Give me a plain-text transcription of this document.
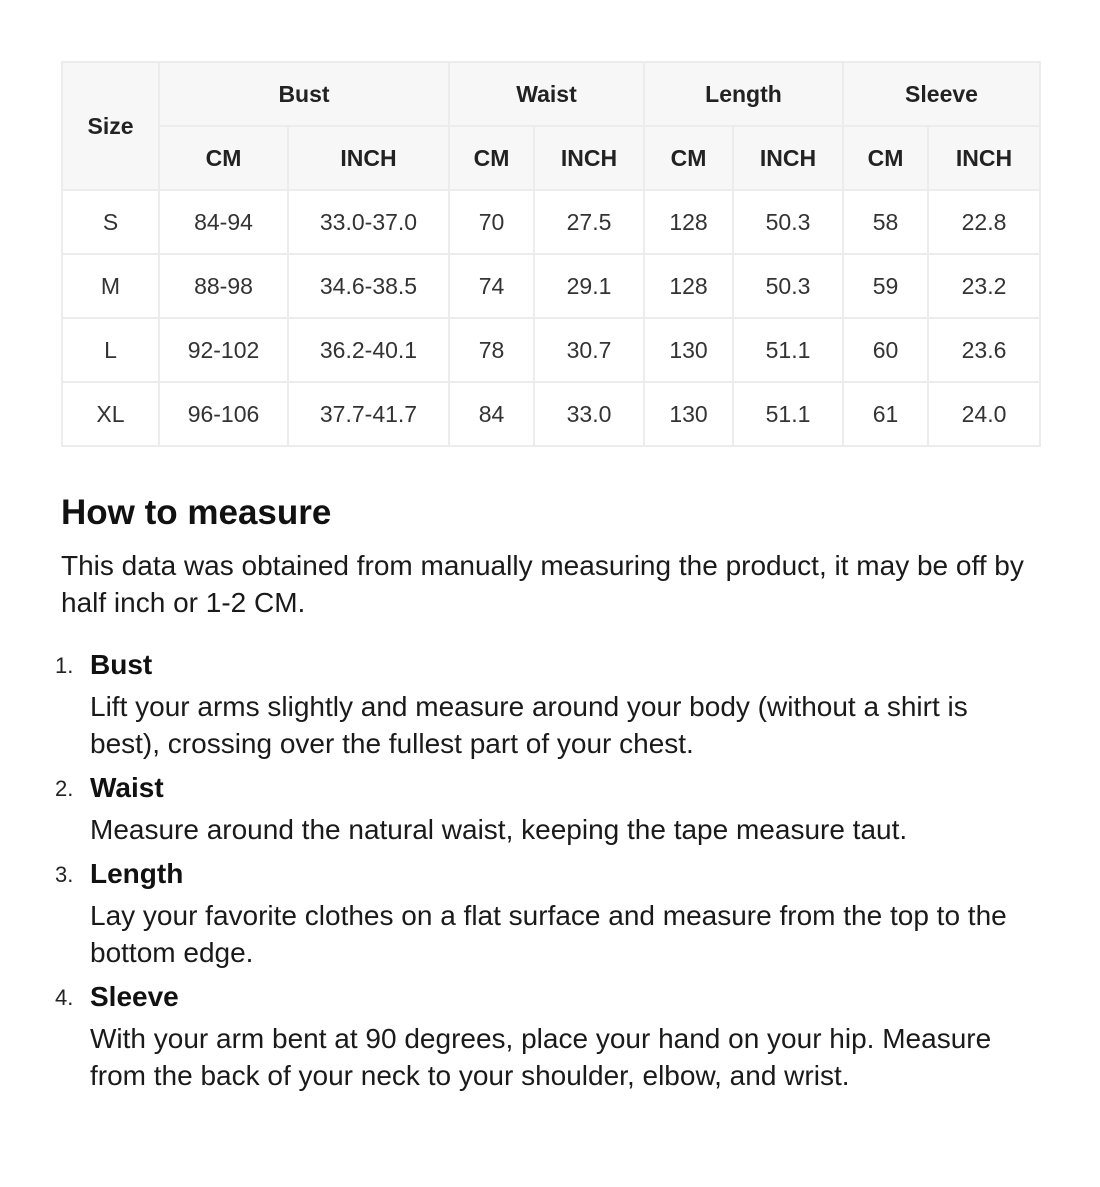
Size	Bust		Waist		Length		Sleeve	
	CM	INCH	CM	INCH	CM	INCH	CM	INCH
S	84-94	33.0-37.0	70	27.5	128	50.3	58	22.8
M	88-98	34.6-38.5	74	29.1	128	50.3	59	23.2
L	92-102	36.2-40.1	78	30.7	130	51.1	60	23.6
XL	96-106	37.7-41.7	84	33.0	130	51.1	61	24.0
How to measure

This data was obtained from manually measuring the product, it may be off by half inch or 1-2 CM.

1. Bust
Lift your arms slightly and measure around your body (without a shirt is best), crossing over the fullest part of your chest.
2. Waist
Measure around the natural waist, keeping the tape measure taut.
3. Length
Lay your favorite clothes on a flat surface and measure from the top to the bottom edge.
4. Sleeve
With your arm bent at 90 degrees, place your hand on your hip. Measure from the back of your neck to your shoulder, elbow, and wrist.
